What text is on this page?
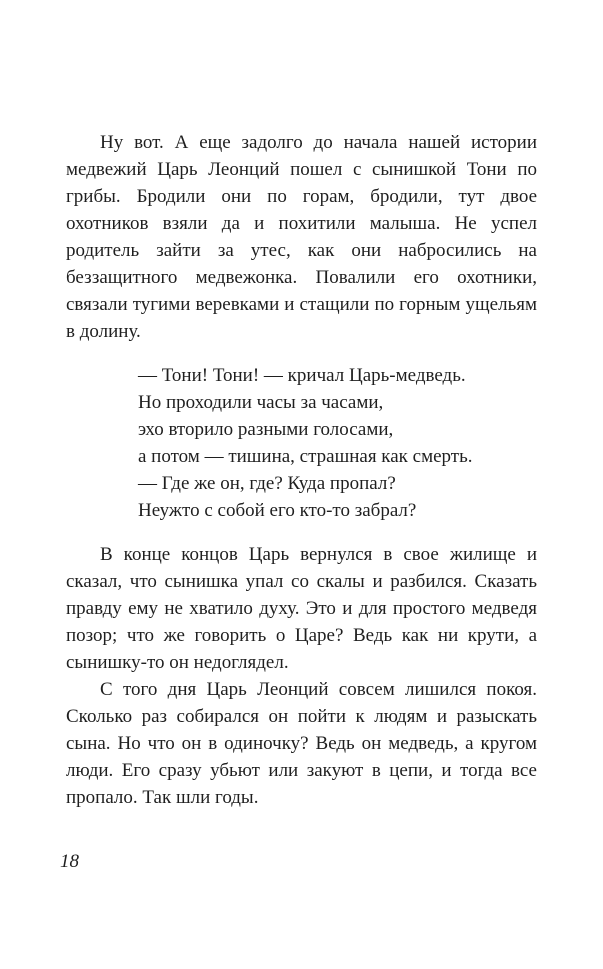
Ну вот. А еще задолго до начала нашей истории медвежий Царь Леонций пошел с сынишкой Тони по грибы. Бродили они по горам, бродили, тут двое охотников взяли да и похитили малыша. Не успел родитель зайти за утес, как они набросились на беззащитного медвежонка. Повалили его охотники, связали тугими веревками и стащили по горным ущельям в долину.

— Тони! Тони! — кричал Царь-медведь.
Но проходили часы за часами,
эхо вторило разными голосами,
а потом — тишина, страшная как смерть.
— Где же он, где? Куда пропал?
Неужто с собой его кто-то забрал?

В конце концов Царь вернулся в свое жилище и сказал, что сынишка упал со скалы и разбился. Сказать правду ему не хватило духу. Это и для простого медведя позор; что же говорить о Царе? Ведь как ни крути, а сынишку-то он недоглядел.

С того дня Царь Леонций совсем лишился покоя. Сколько раз собирался он пойти к людям и разыскать сына. Но что он в одиночку? Ведь он медведь, а кругом люди. Его сразу убьют или закуют в цепи, и тогда все пропало. Так шли годы.

18
